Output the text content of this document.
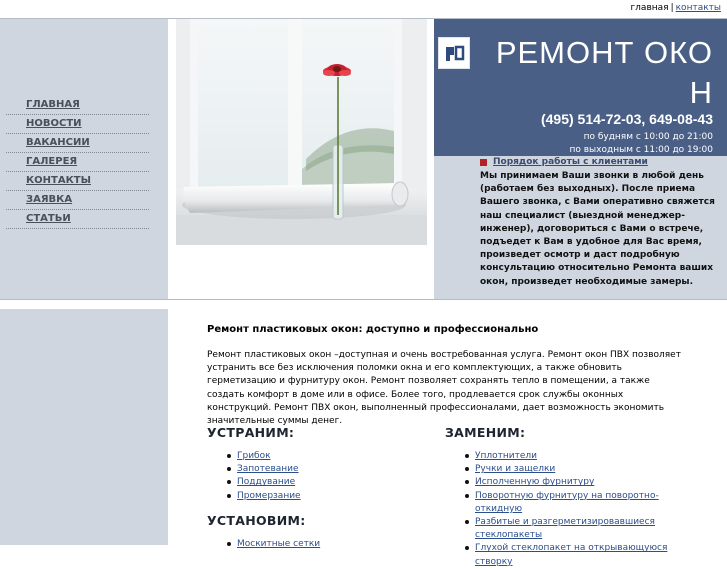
главная | контакты
ГЛАВНАЯ
НОВОСТИ
ВАКАНСИИ
ГАЛЕРЕЯ
КОНТАКТЫ
ЗАЯВКА
СТАТЬИ
РЕМОНТ ОКО
Н
(495) 514-72-03, 649-08-43
по будням с 10:00 до 21:00
по выходным с 11:00 до 19:00
Порядок работы с клиентами
Мы принимаем Ваши звонки в любой день (работаем без выходных). После приема Вашего звонка, с Вами оперативно свяжется наш специалист (выездной менеджер-инженер), договориться с Вами о встрече, подъедет к Вам в удобное для Вас время, произведет осмотр и даст подробную консультацию относительно Ремонта ваших окон, произведет необходимые замеры.
Ремонт пластиковых окон: доступно и профессионально

Ремонт пластиковых окон –доступная и очень востребованная услуга. Ремонт окон ПВХ позволяет устранить все без исключения поломки окна и его комплектующих, а также обновить герметизацию и фурнитуру окон. Ремонт позволяет сохранять тепло в помещении, а также создать комфорт в доме или в офисе. Более того, продлевается срок службы оконных конструкций. Ремонт ПВХ окон, выполненный профессионалами, дает возможность экономить значительные суммы денег.

УСТРАНИМ:
Грибок
Запотевание
Поддувание
Промерзание
ЗАМЕНИМ:
Уплотнители
Ручки и защелки
Исполченную фурнитуру
Поворотную фурнитуру на поворотно-откидную
Разбитые и разгерметизировавшиеся стеклопакеты
Глухой стеклопакет на открывающуюся створку
УСТАНОВИМ:
Москитные сетки
